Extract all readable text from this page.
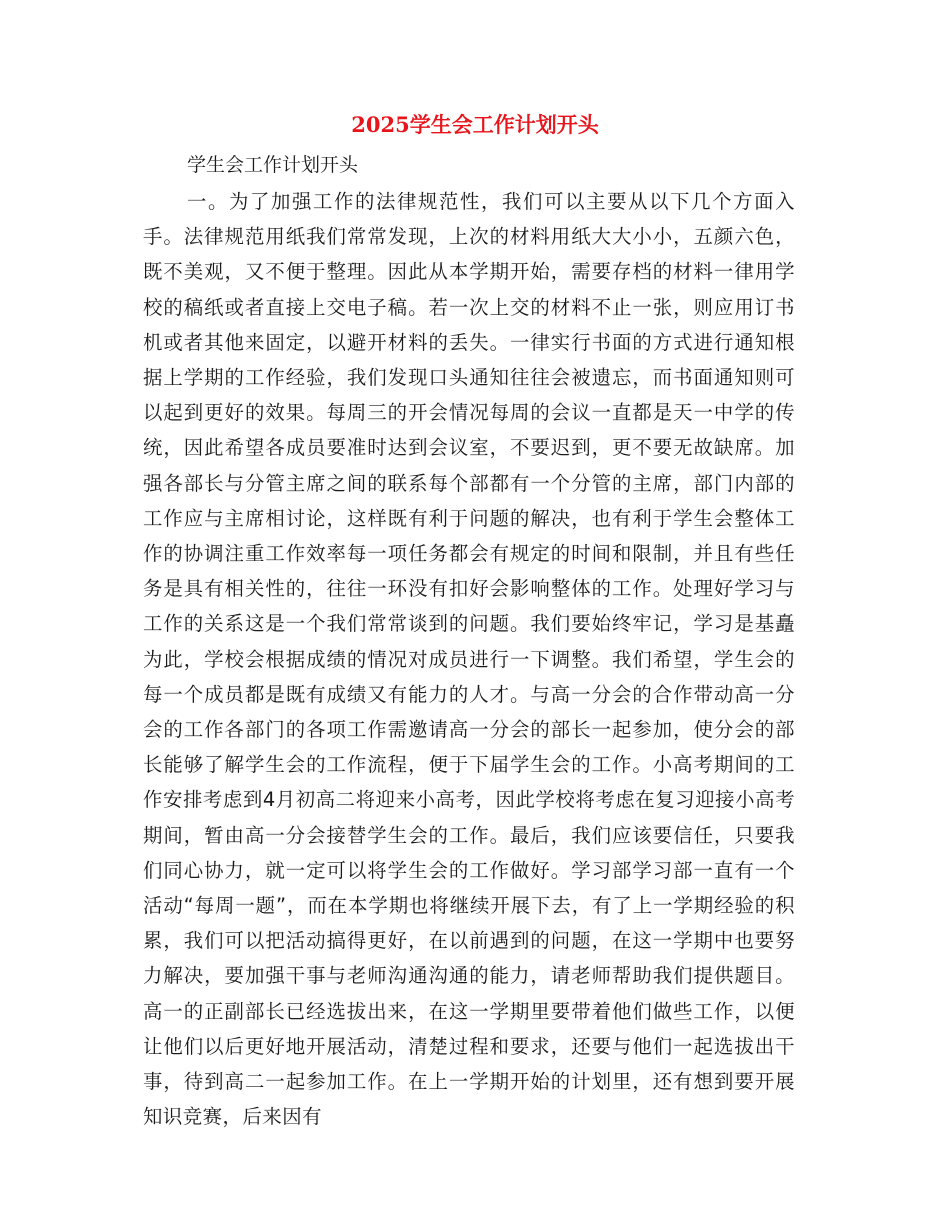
2025学生会工作计划开头

学生会工作计划开头

一。为了加强工作的法律规范性，我们可以主要从以下几个方面入手。法律规范用纸我们常常发现，上次的材料用纸大大小小，五颜六色，既不美观，又不便于整理。因此从本学期开始，需要存档的材料一律用学校的稿纸或者直接上交电子稿。若一次上交的材料不止一张，则应用订书机或者其他来固定，以避开材料的丢失。一律实行书面的方式进行通知根据上学期的工作经验，我们发现口头通知往往会被遗忘，而书面通知则可以起到更好的效果。每周三的开会情况每周的会议一直都是天一中学的传统，因此希望各成员要准时达到会议室，不要迟到，更不要无故缺席。加强各部长与分管主席之间的联系每个部都有一个分管的主席，部门内部的工作应与主席相讨论，这样既有利于问题的解决，也有利于学生会整体工作的协调注重工作效率每一项任务都会有规定的时间和限制，并且有些任务是具有相关性的，往往一环没有扣好会影响整体的工作。处理好学习与工作的关系这是一个我们常常谈到的问题。我们要始终牢记，学习是基矗为此，学校会根据成绩的情况对成员进行一下调整。我们希望，学生会的每一个成员都是既有成绩又有能力的人才。与高一分会的合作带动高一分会的工作各部门的各项工作需邀请高一分会的部长一起参加，使分会的部长能够了解学生会的工作流程，便于下届学生会的工作。小高考期间的工作安排考虑到4月初高二将迎来小高考，因此学校将考虑在复习迎接小高考期间，暂由高一分会接替学生会的工作。最后，我们应该要信任，只要我们同心协力，就一定可以将学生会的工作做好。学习部学习部一直有一个活动“每周一题”，而在本学期也将继续开展下去，有了上一学期经验的积累，我们可以把活动搞得更好，在以前遇到的问题，在这一学期中也要努力解决，要加强干事与老师沟通沟通的能力，请老师帮助我们提供题目。高一的正副部长已经选拔出来，在这一学期里要带着他们做些工作，以便让他们以后更好地开展活动，清楚过程和要求，还要与他们一起选拔出干事，待到高二一起参加工作。在上一学期开始的计划里，还有想到要开展知识竞赛，后来因有
